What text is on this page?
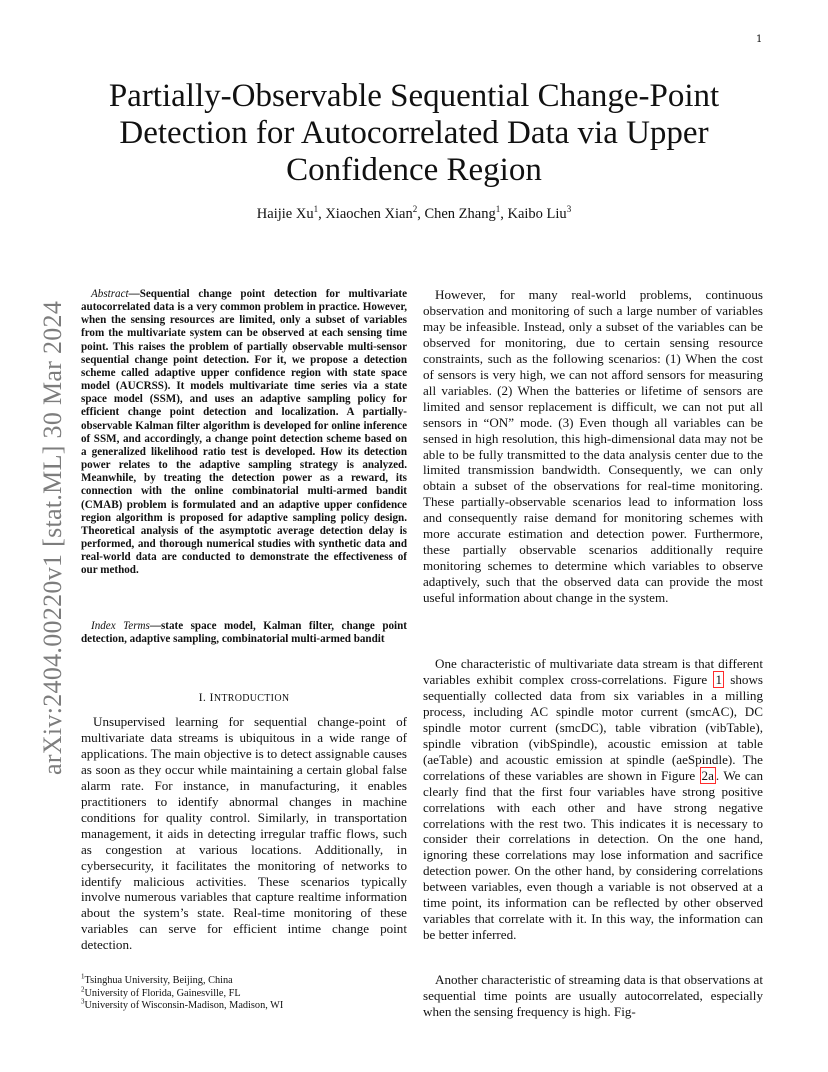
1
arXiv:2404.00220v1 [stat.ML] 30 Mar 2024
Partially-Observable Sequential Change-Point Detection for Autocorrelated Data via Upper Confidence Region
Haijie Xu$^1$, Xiaochen Xian$^2$, Chen Zhang$^1$, Kaibo Liu$^3$

Abstract—Sequential change point detection for multivariate autocorrelated data is a very common problem in practice. However, when the sensing resources are limited, only a subset of variables from the multivariate system can be observed at each sensing time point. This raises the problem of partially observable multi-sensor sequential change point detection. For it, we propose a detection scheme called adaptive upper confidence region with state space model (AUCRSS). It models multivariate time series via a state space model (SSM), and uses an adaptive sampling policy for efficient change point detection and localization. A partially-observable Kalman filter algorithm is developed for online inference of SSM, and accordingly, a change point detection scheme based on a generalized likelihood ratio test is developed. How its detection power relates to the adaptive sampling strategy is analyzed. Meanwhile, by treating the detection power as a reward, its connection with the online combinatorial multi-armed bandit (CMAB) problem is formulated and an adaptive upper confidence region algorithm is proposed for adaptive sampling policy design. Theoretical analysis of the asymptotic average detection delay is performed, and thorough numerical studies with synthetic data and real-world data are conducted to demonstrate the effectiveness of our method.

Index Terms—state space model, Kalman filter, change point detection, adaptive sampling, combinatorial multi-armed bandit

I. INTRODUCTION

Unsupervised learning for sequential change-point of multivariate data streams is ubiquitous in a wide range of applications. The main objective is to detect assignable causes as soon as they occur while maintaining a certain global false alarm rate. For instance, in manufacturing, it enables practitioners to identify abnormal changes in machine conditions for quality control. Similarly, in transportation management, it aids in detecting irregular traffic flows, such as congestion at various locations. Additionally, in cybersecurity, it facilitates the monitoring of networks to identify malicious activities. These scenarios typically involve numerous variables that capture realtime information about the system’s state. Real-time monitoring of these variables can serve for efficient intime change point detection.

$^1$Tsinghua University, Beijing, China
$^2$University of Florida, Gainesville, FL
$^3$University of Wisconsin-Madison, Madison, WI

However, for many real-world problems, continuous observation and monitoring of such a large number of variables may be infeasible. Instead, only a subset of the variables can be observed for monitoring, due to certain sensing resource constraints, such as the following scenarios: (1) When the cost of sensors is very high, we can not afford sensors for measuring all variables. (2) When the batteries or lifetime of sensors are limited and sensor replacement is difficult, we can not put all sensors in “ON” mode. (3) Even though all variables can be sensed in high resolution, this high-dimensional data may not be able to be fully transmitted to the data analysis center due to the limited transmission bandwidth. Consequently, we can only obtain a subset of the observations for real-time monitoring. These partially-observable scenarios lead to information loss and consequently raise demand for monitoring schemes with more accurate estimation and detection power. Furthermore, these partially observable scenarios additionally require monitoring schemes to determine which variables to observe adaptively, such that the observed data can provide the most useful information about change in the system.

One characteristic of multivariate data stream is that different variables exhibit complex cross-correlations. Figure 1 shows sequentially collected data from six variables in a milling process, including AC spindle motor current (smcAC), DC spindle motor current (smcDC), table vibration (vibTable), spindle vibration (vibSpindle), acoustic emission at table (aeTable) and acoustic emission at spindle (aeSpindle). The correlations of these variables are shown in Figure 2a . We can clearly find that the first four variables have strong positive correlations with each other and have strong negative correlations with the rest two. This indicates it is necessary to consider their correlations in detection. On the one hand, ignoring these correlations may lose information and sacrifice detection power. On the other hand, by considering correlations between variables, even though a variable is not observed at a time point, its information can be reflected by other observed variables that correlate with it. In this way, the information can be better inferred.

Another characteristic of streaming data is that observations at sequential time points are usually autocorrelated, especially when the sensing frequency is high. Fig-
